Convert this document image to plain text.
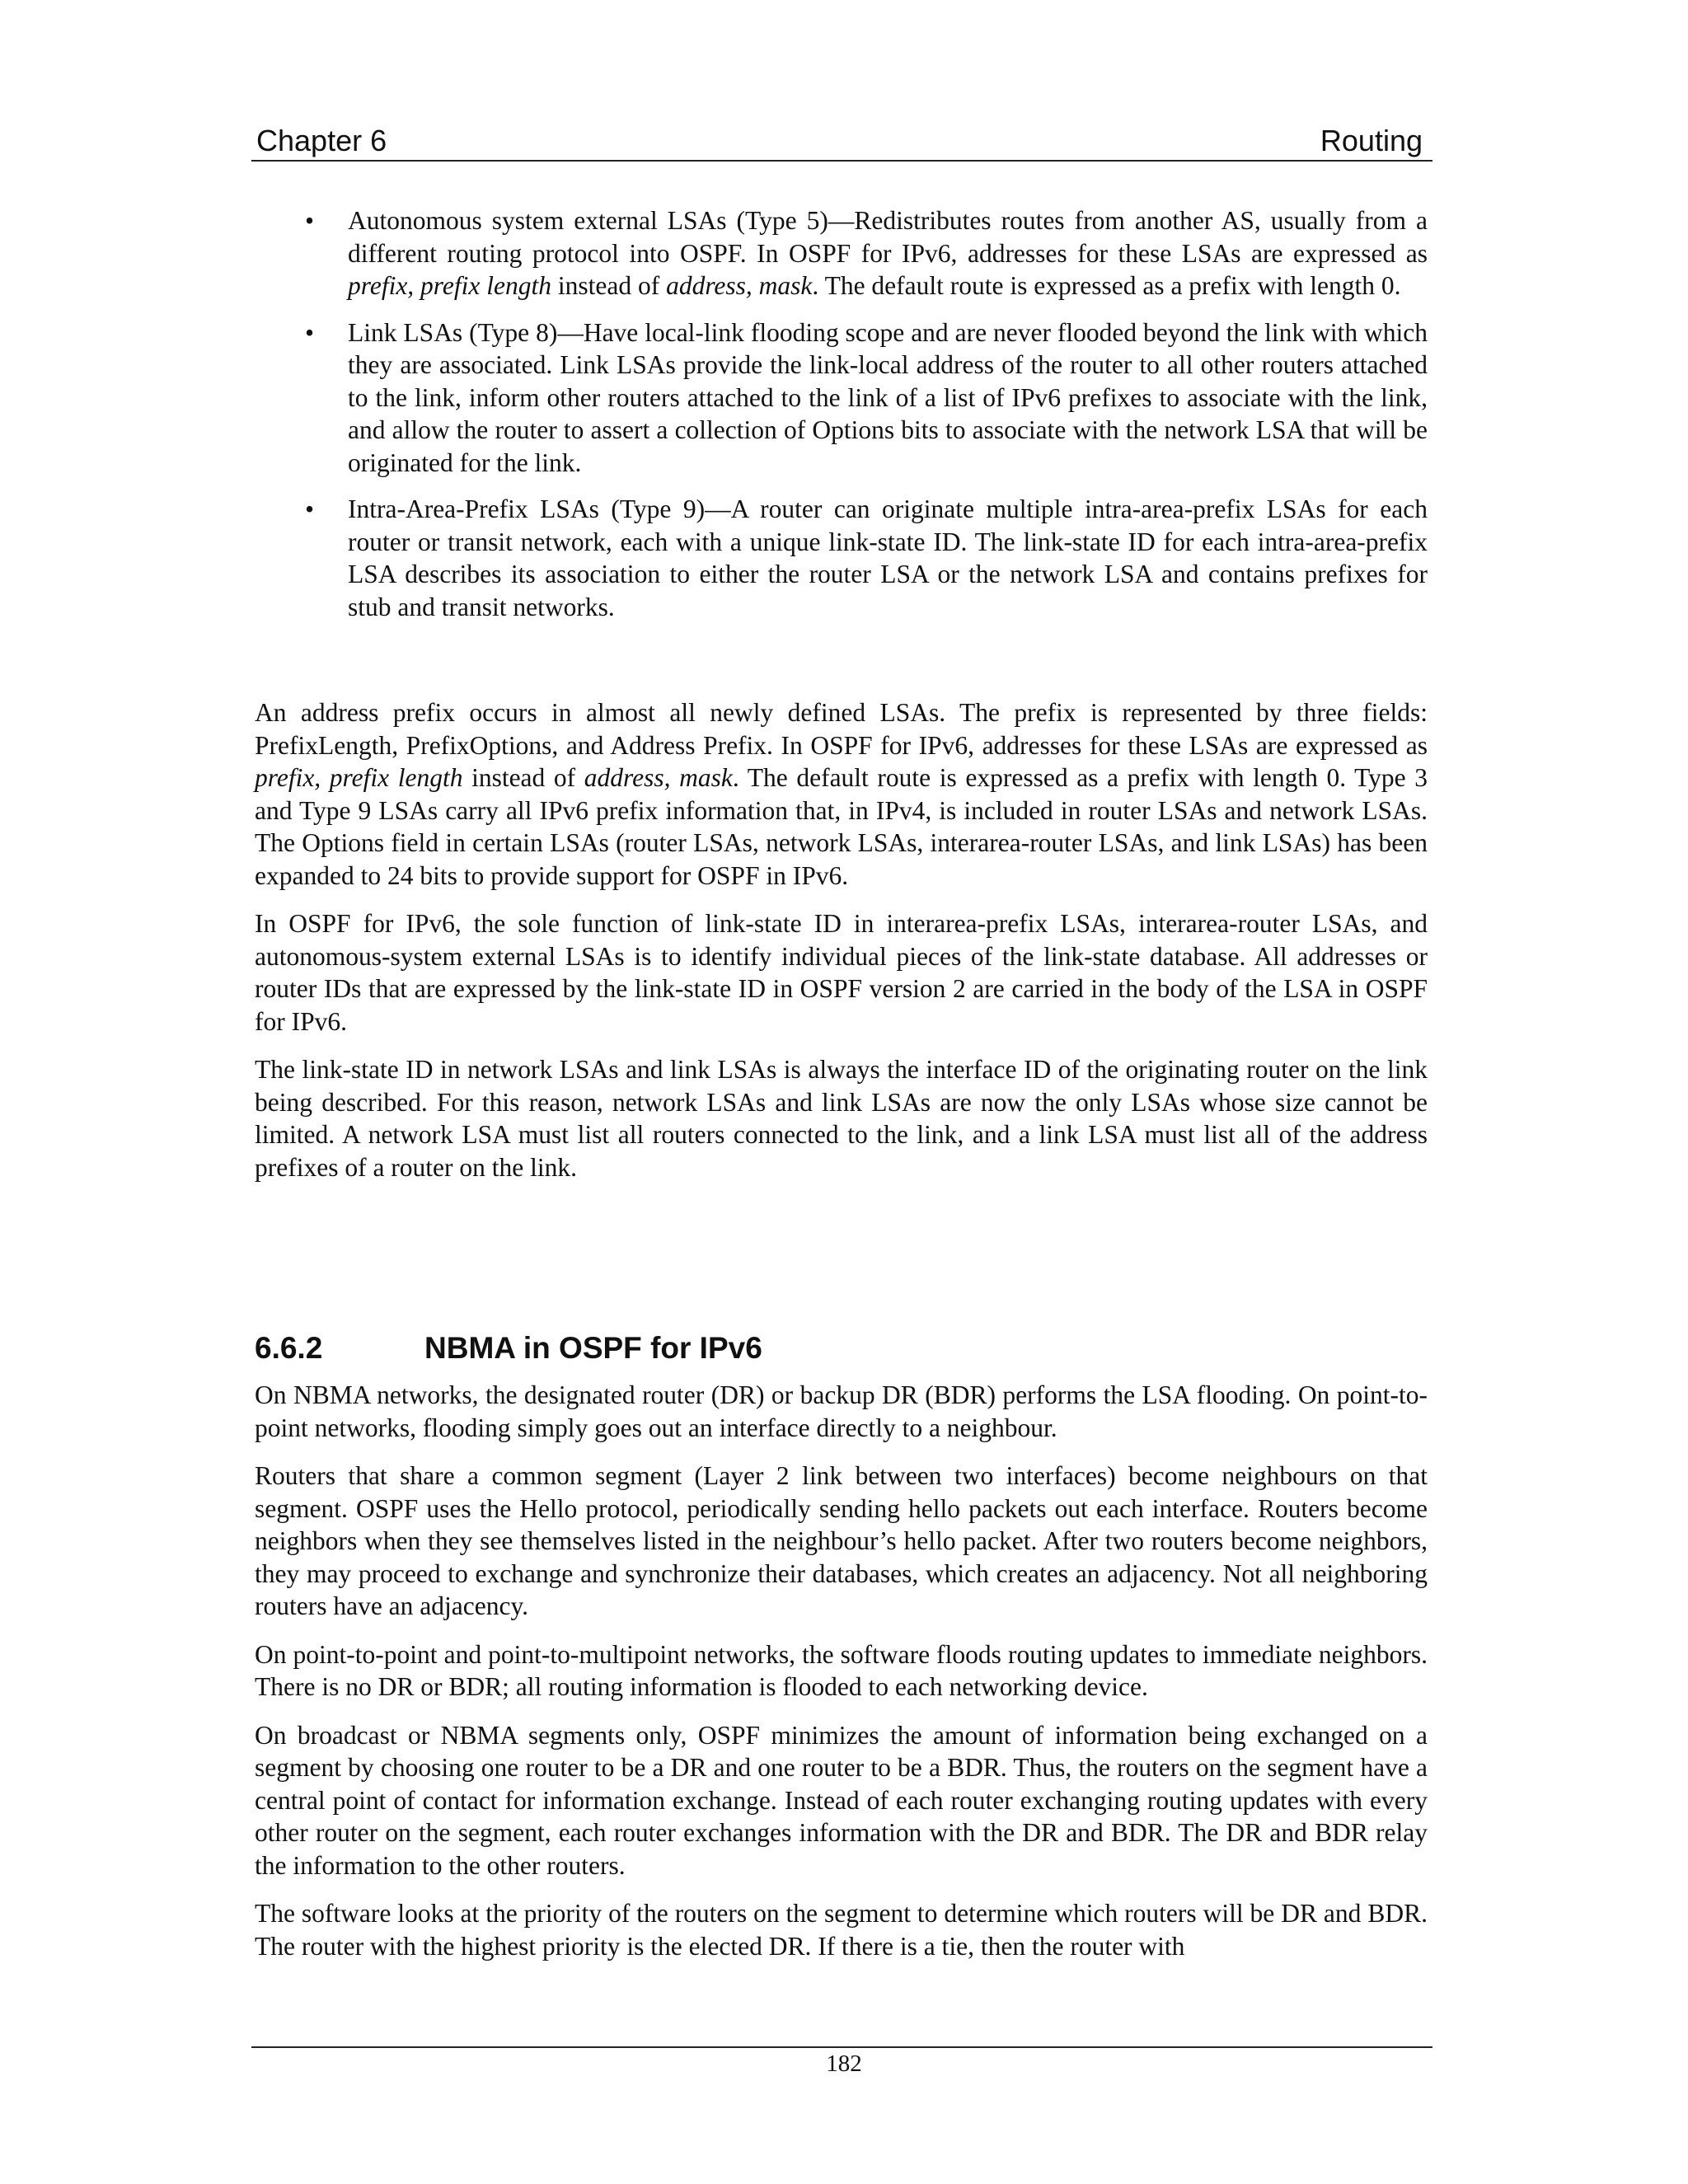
Chapter 6	Routing
• Autonomous system external LSAs (Type 5)—Redistributes routes from another AS, usually from a different routing protocol into OSPF. In OSPF for IPv6, addresses for these LSAs are expressed as prefix, prefix length instead of address, mask. The default route is expressed as a prefix with length 0.
• Link LSAs (Type 8)—Have local-link flooding scope and are never flooded beyond the link with which they are associated. Link LSAs provide the link-local address of the router to all other routers attached to the link, inform other routers attached to the link of a list of IPv6 prefixes to associate with the link, and allow the router to assert a collection of Options bits to associate with the network LSA that will be originated for the link.
• Intra-Area-Prefix LSAs (Type 9)—A router can originate multiple intra-area-prefix LSAs for each router or transit network, each with a unique link-state ID. The link-state ID for each intra-area-prefix LSA describes its association to either the router LSA or the network LSA and contains prefixes for stub and transit networks.

An address prefix occurs in almost all newly defined LSAs. The prefix is represented by three fields: PrefixLength, PrefixOptions, and Address Prefix. In OSPF for IPv6, addresses for these LSAs are expressed as prefix, prefix length instead of address, mask. The default route is expressed as a prefix with length 0. Type 3 and Type 9 LSAs carry all IPv6 prefix information that, in IPv4, is included in router LSAs and network LSAs. The Options field in certain LSAs (router LSAs, network LSAs, interarea-router LSAs, and link LSAs) has been expanded to 24 bits to provide support for OSPF in IPv6.

In OSPF for IPv6, the sole function of link-state ID in interarea-prefix LSAs, interarea-router LSAs, and autonomous-system external LSAs is to identify individual pieces of the link-state database. All addresses or router IDs that are expressed by the link-state ID in OSPF version 2 are carried in the body of the LSA in OSPF for IPv6.

The link-state ID in network LSAs and link LSAs is always the interface ID of the originating router on the link being described. For this reason, network LSAs and link LSAs are now the only LSAs whose size cannot be limited. A network LSA must list all routers connected to the link, and a link LSA must list all of the address prefixes of a router on the link.

6.6.2	NBMA in OSPF for IPv6

On NBMA networks, the designated router (DR) or backup DR (BDR) performs the LSA flooding. On point-to-point networks, flooding simply goes out an interface directly to a neighbour.

Routers that share a common segment (Layer 2 link between two interfaces) become neighbours on that segment. OSPF uses the Hello protocol, periodically sending hello packets out each interface. Routers become neighbors when they see themselves listed in the neighbour’s hello packet. After two routers become neighbors, they may proceed to exchange and synchronize their databases, which creates an adjacency. Not all neighboring routers have an adjacency.

On point-to-point and point-to-multipoint networks, the software floods routing updates to immediate neighbors. There is no DR or BDR; all routing information is flooded to each networking device.

On broadcast or NBMA segments only, OSPF minimizes the amount of information being exchanged on a segment by choosing one router to be a DR and one router to be a BDR. Thus, the routers on the segment have a central point of contact for information exchange. Instead of each router exchanging routing updates with every other router on the segment, each router exchanges information with the DR and BDR. The DR and BDR relay the information to the other routers.

The software looks at the priority of the routers on the segment to determine which routers will be DR and BDR. The router with the highest priority is the elected DR. If there is a tie, then the router with

182
